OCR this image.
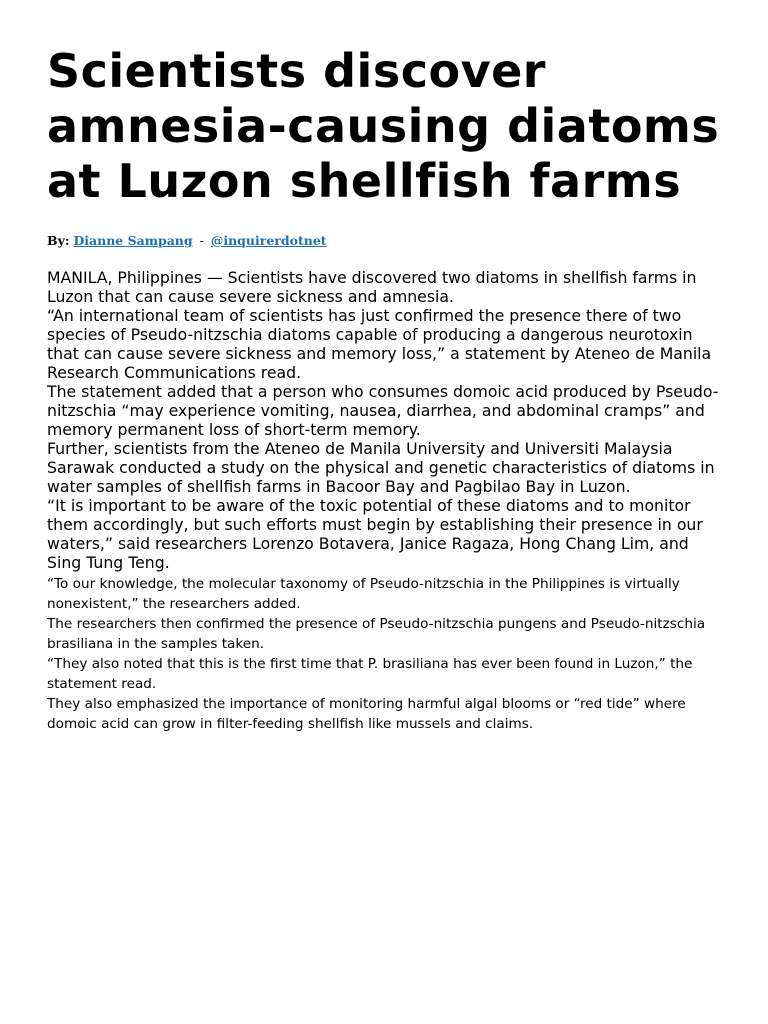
Scientists discover amnesia-causing diatoms at Luzon shellfish farms
By: Dianne Sampang - @inquirerdotnet

MANILA, Philippines — Scientists have discovered two diatoms in shellfish farms in Luzon that can cause severe sickness and amnesia.

“An international team of scientists has just confirmed the presence there of two species of Pseudo-nitzschia diatoms capable of producing a dangerous neurotoxin that can cause severe sickness and memory loss,” a statement by Ateneo de Manila Research Communications read.

The statement added that a person who consumes domoic acid produced by Pseudo-nitzschia “may experience vomiting, nausea, diarrhea, and abdominal cramps” and memory permanent loss of short-term memory.

Further, scientists from the Ateneo de Manila University and Universiti Malaysia Sarawak conducted a study on the physical and genetic characteristics of diatoms in water samples of shellfish farms in Bacoor Bay and Pagbilao Bay in Luzon.

“It is important to be aware of the toxic potential of these diatoms and to monitor them accordingly, but such efforts must begin by establishing their presence in our waters,” said researchers Lorenzo Botavera, Janice Ragaza, Hong Chang Lim, and Sing Tung Teng.

“To our knowledge, the molecular taxonomy of Pseudo-nitzschia in the Philippines is virtually nonexistent,” the researchers added.

The researchers then confirmed the presence of Pseudo-nitzschia pungens and Pseudo-nitzschia brasiliana in the samples taken.

“They also noted that this is the first time that P. brasiliana has ever been found in Luzon,” the statement read.

They also emphasized the importance of monitoring harmful algal blooms or “red tide” where domoic acid can grow in filter-feeding shellfish like mussels and claims.
